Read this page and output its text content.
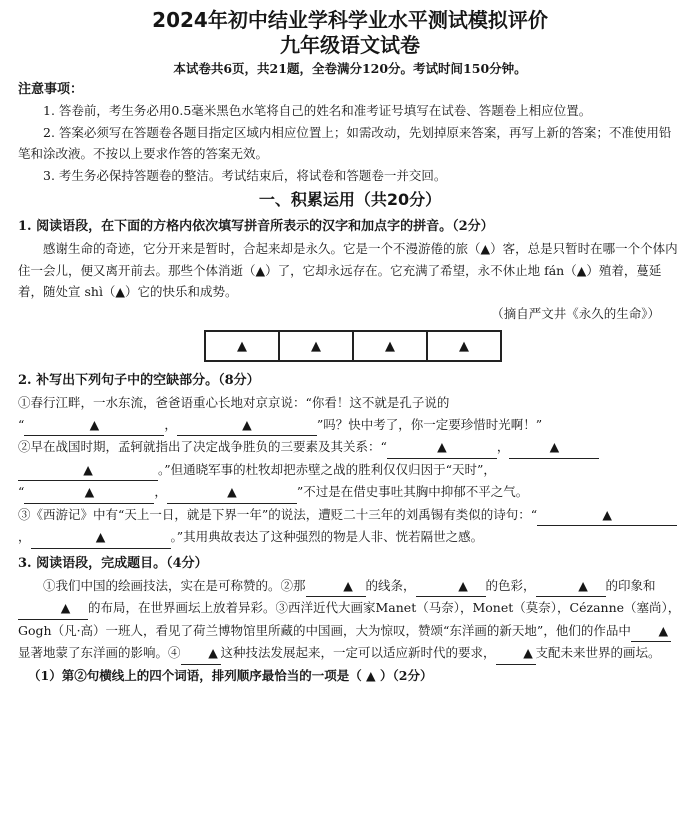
2024年初中结业学科学业水平测试模拟评价
九年级语文试卷
本试卷共6页，共21题，全卷满分120分。考试时间150分钟。
注意事项：
1. 答卷前，考生务必用0.5毫米黑色水笔将自己的姓名和准考证号填写在试卷、答题卷上相应位置。
2. 答案必须写在答题卷各题目指定区域内相应位置上；如需改动，先划掉原来答案，再写上新的答案；不准使用铅笔和涂改液。不按以上要求作答的答案无效。
3. 考生务必保持答题卷的整洁。考试结束后，将试卷和答题卷一并交回。
一、积累运用（共20分）
1. 阅读语段，在下面的方格内依次填写拼音所表示的汉字和加点字的拼音。（2分）
感谢生命的奇迹，它分开来是暂时，合起来却是永久。它是一个不漫游倦的旅（▲）客，总是只暂时在哪一个个体内住一会儿，便又离开前去。那些个体消逝（▲）了，它却永远存在。它充满了希望，永不休止地 fán（▲）殖着，蔓延着，随处宣 shì（▲）它的快乐和成势。
（摘自严文井《永久的生命》）
▲	▲	▲	▲
2. 补写出下列句子中的空缺部分。（8分）
①春行江畔，一水东流，爸爸语重心长地对京京说：“你看！这不就是孔子说的
“	▲	，	▲	”吗？快中考了，你一定要珍惜时光啊！”
②早在战国时期，孟轲就指出了决定战争胜负的三要素及其关系：“	▲	，	▲
▲	。”但通晓军事的杜牧却把赤壁之战的胜利仅仅归因于“天时”，
“	▲	，	▲	”不过是在借史事吐其胸中抑郁不平之气。
③《西游记》中有“天上一日，就是下界一年”的说法，遭贬二十三年的刘禹锡有类似的诗句：“	▲，	▲	。”其用典故表达了这种强烈的物是人非、恍若隔世之感。
3. 阅读语段，完成题目。（4分）
①我们中国的绘画技法，实在是可称赞的。②那	▲ 的线条，	▲ 的色彩，	▲ 的印象和▲ 的布局，在世界画坛上放着异彩。③西洋近代大画家Manet（马奈），Monet（莫奈），Cézanne（塞尚），Gogh（凡·高）一班人，看见了荷兰博物馆里所藏的中国画，大为惊叹，赞颂“东洋画的新天地”，他们的作品中 ▲显著地蒙了东洋画的影响。④ ▲ 这种技法发展起来，一定可以适应新时代的要求， ▲ 支配未来世界的画坛。
（1）第②句横线上的四个词语，排列顺序最恰当的一项是（ ▲ ）（2分）
